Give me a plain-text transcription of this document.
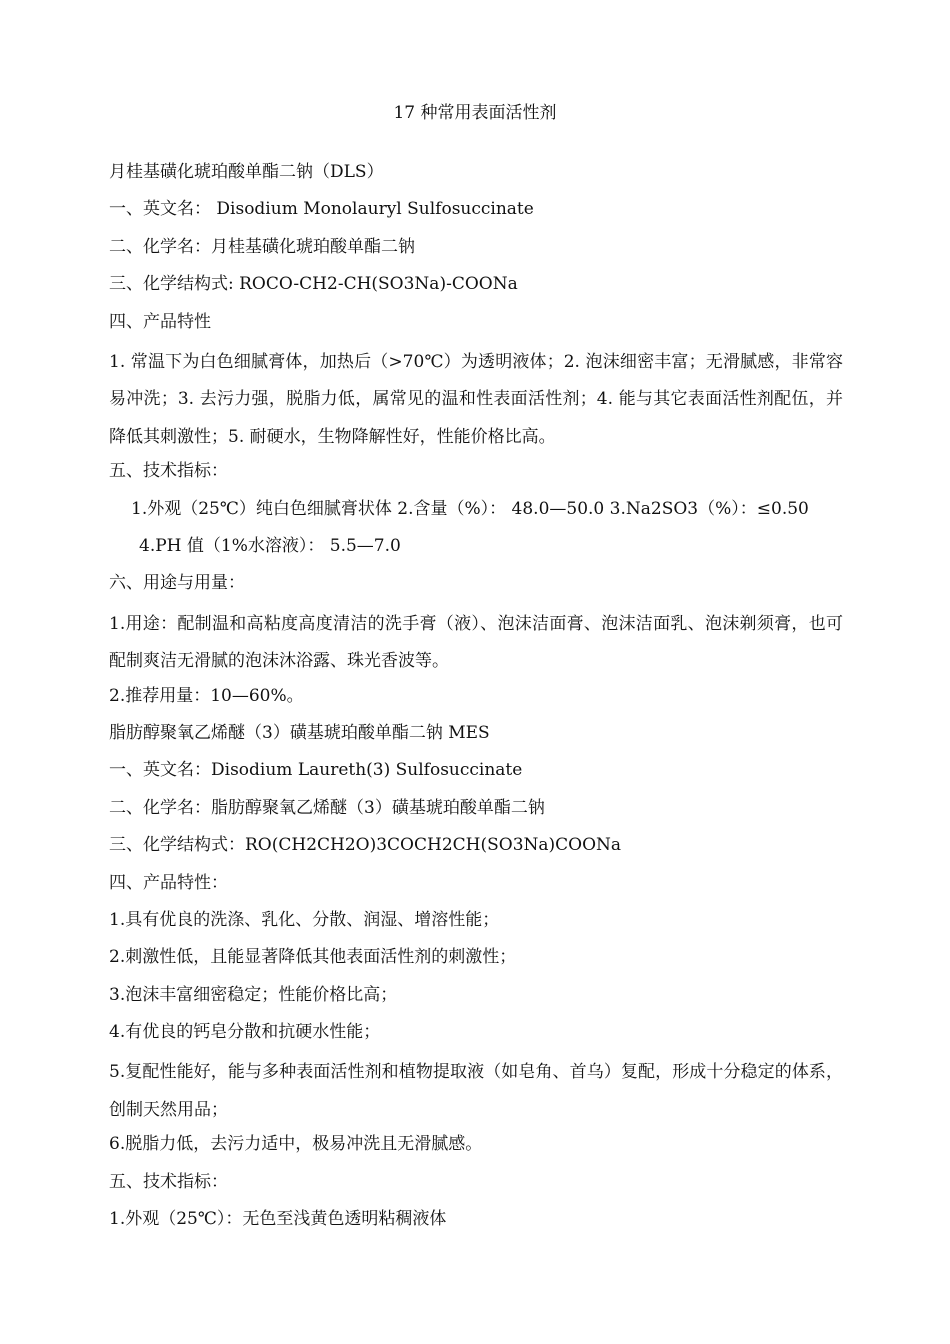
17 种常用表面活性剂
月桂基磺化琥珀酸单酯二钠（DLS）
一、英文名： Disodium Monolauryl Sulfosuccinate
二、化学名：月桂基磺化琥珀酸单酯二钠
三、化学结构式: ROCO-CH2-CH(SO3Na)-COONa
四、产品特性

1. 常温下为白色细腻膏体，加热后（>70℃）为透明液体；2. 泡沫细密丰富；无滑腻感，非常容易冲洗；3. 去污力强，脱脂力低，属常见的温和性表面活性剂；4. 能与其它表面活性剂配伍，并降低其刺激性；5. 耐硬水，生物降解性好，性能价格比高。

五、技术指标：
1.外观（25℃）纯白色细腻膏状体 2.含量（%）： 48.0—50.0 3.Na2SO3（%）：≤0.50
4.PH 值（1%水溶液）： 5.5—7.0
六、用途与用量：

1.用途：配制温和高粘度高度清洁的洗手膏（液）、泡沫洁面膏、泡沫洁面乳、泡沫剃须膏，也可配制爽洁无滑腻的泡沫沐浴露、珠光香波等。

2.推荐用量：10—60%。
脂肪醇聚氧乙烯醚（3）磺基琥珀酸单酯二钠 MES
一、英文名：Disodium Laureth(3) Sulfosuccinate
二、化学名：脂肪醇聚氧乙烯醚（3）磺基琥珀酸单酯二钠
三、化学结构式：RO(CH2CH2O)3COCH2CH(SO3Na)COONa
四、产品特性：
1.具有优良的洗涤、乳化、分散、润湿、增溶性能；
2.刺激性低，且能显著降低其他表面活性剂的刺激性；
3.泡沫丰富细密稳定；性能价格比高；
4.有优良的钙皂分散和抗硬水性能；

5.复配性能好，能与多种表面活性剂和植物提取液（如皂角、首乌）复配，形成十分稳定的体系，创制天然用品；

6.脱脂力低，去污力适中，极易冲洗且无滑腻感。
五、技术指标：
1.外观（25℃）：无色至浅黄色透明粘稠液体
